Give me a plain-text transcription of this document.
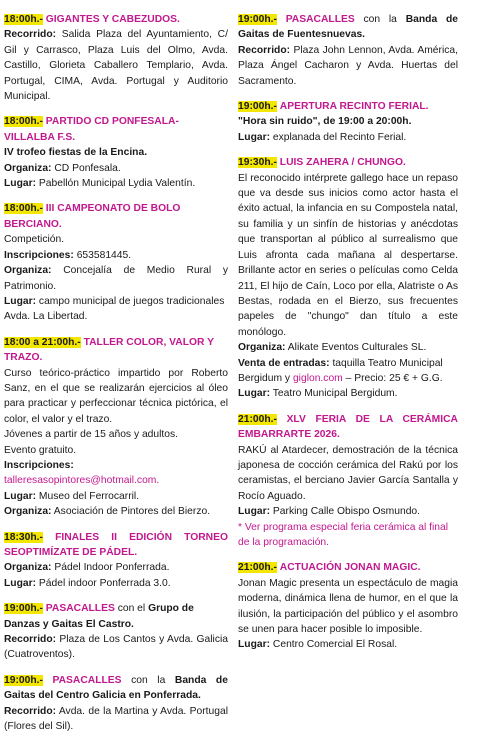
18:00h.- GIGANTES Y CABEZUDOS.

Recorrido: Salida Plaza del Ayuntamiento, C/ Gil y Carrasco, Plaza Luis del Olmo, Avda. Castillo, Glorieta Caballero Templario, Avda. Portugal, CIMA, Avda. Portugal y Auditorio Municipal.

18:00h.- PARTIDO CD PONFESALA-VILLALBA F.S.

IV trofeo fiestas de la Encina.

Organiza: CD Ponfesala.

Lugar: Pabellón Municipal Lydia Valentín.

18:00h.- III CAMPEONATO DE BOLO BERCIANO.

Competición.

Inscripciones: 653581445.

Organiza: Concejalía de Medio Rural y Patrimonio.

Lugar: campo municipal de juegos tradicionales Avda. La Libertad.

18:00 a 21:00h.- TALLER COLOR, VALOR Y TRAZO.

Curso teórico-práctico impartido por Roberto Sanz, en el que se realizarán ejercicios al óleo para practicar y perfeccionar técnica pictórica, el color, el valor y el trazo.

Jóvenes a partir de 15 años y adultos.

Evento gratuito.

Inscripciones: talleresasopintores@hotmail.com.

Lugar: Museo del Ferrocarril.

Organiza: Asociación de Pintores del Bierzo.

18:30h.- FINALES II EDICIÓN TORNEO SEOPTIMÍZATE DE PÁDEL.

Organiza: Pádel Indoor Ponferrada.

Lugar: Pádel indoor Ponferrada 3.0.

19:00h.- PASACALLES con el Grupo de Danzas y Gaitas El Castro.

Recorrido: Plaza de Los Cantos y Avda. Galicia (Cuatroventos).

19:00h.- PASACALLES con la Banda de Gaitas del Centro Galicia en Ponferrada.

Recorrido: Avda. de la Martina y Avda. Portugal (Flores del Sil).

19:00h.- PASACALLES con la Banda de Gaitas de Fuentesnuevas.

Recorrido: Plaza John Lennon, Avda. América, Plaza Ángel Cacharon y Avda. Huertas del Sacramento.

19:00h.- APERTURA RECINTO FERIAL.

"Hora sin ruido", de 19:00 a 20:00h.

Lugar: explanada del Recinto Ferial.

19:30h.- LUIS ZAHERA / CHUNGO.

El reconocido intérprete gallego hace un repaso que va desde sus inicios como actor hasta el éxito actual, la infancia en su Compostela natal, su familia y un sinfín de historias y anécdotas que transportan al público al surrealismo que Luis afronta cada mañana al despertarse. Brillante actor en series o películas como Celda 211, El hijo de Caín, Loco por ella, Alatriste o As Bestas, rodada en el Bierzo, sus frecuentes papeles de "chungo" dan título a este monólogo.

Organiza: Alikate Eventos Culturales SL.

Venta de entradas: taquilla Teatro Municipal Bergidum y giglon.com – Precio: 25 € + G.G.

Lugar: Teatro Municipal Bergidum.

21:00h.- XLV FERIA DE LA CERÁMICA EMBARRARTE 2026.

RAKÚ al Atardecer, demostración de la técnica japonesa de cocción cerámica del Rakú por los ceramistas, el berciano Javier García Santalla y Rocío Aguado.

Lugar: Parking Calle Obispo Osmundo.

* Ver programa especial feria cerámica al final de la programación.

21:00h.- ACTUACIÓN JONAN MAGIC.

Jonan Magic presenta un espectáculo de magia moderna, dinámica llena de humor, en el que la ilusión, la participación del público y el asombro se unen para hacer posible lo imposible.

Lugar: Centro Comercial El Rosal.
